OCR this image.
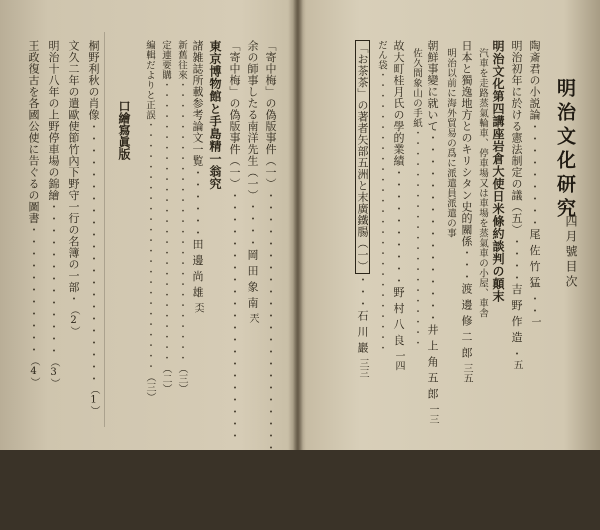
明治文化研究
四月號目次
陶斎君の小説論・・・・・・・・・尾佐竹猛・・一
明治初年に於ける憲法制定の議（五）・・・・吉野作造・五
明治文化第四講座岩倉大使日米條約談判の顛末
汽車を走路蒸氣輪車、停車場又は車場を蒸氣車の小屋、車舎
日本と獨逸地方とのキリシタン史的關係・・・渡邊修二郎三五
明治以前に海外貿易の爲に派遣員派遣の事
朝鮮事變に就いて・・・・・・・・・・・・・・・・井上角五郎一三
佐久間象山の手紙・・・・・・・・・・・・・・・・・・・・・
故大町桂月氏の學的業績・・・・・・・・・・野村八良一四
だん袋・・・・・・・・・・・・・・・・・・・・・・・・・・・
「お茶茶」の著者矢部五洲と末廣鐵腸（一）・・・石川巖三三
「寄中梅」の偽版事件（一）・・・・・・・・・・・・・・・・・・・・・・
余の師事したる南洋先生（一）・・・・岡田象南兲
「寄中梅」の偽版事件（一）・・・・・・・・・・・・・・・・・・・・・
東京博物館と手島精一翁究
諸雑誌所載参考論文一覧・・・・・・田邊尚雄奀
新舊往來・・・・・・・・・・・・・・・・・・・・・・・・・・・（三）
定連要購・・・・・・・・・・・・・・・・・・・・・・・・・・・（二）
編輯だよりと正誤・・・・・・・・・・・・・・・・・・・・・・・・（三）
口繪寫眞版
桐野利秋の肖像・・・・・・・・・・・・・・・・・・・・・・（1）
文久二年の遣歐使節竹內下野守一行の名簿の一部・（2）
明治十八年の上野停車場の錦繪・・・・・・・・・・・・・（3）
王政復古を各國公使に告ぐるの圖書・・・・・・・・・・・（4）
